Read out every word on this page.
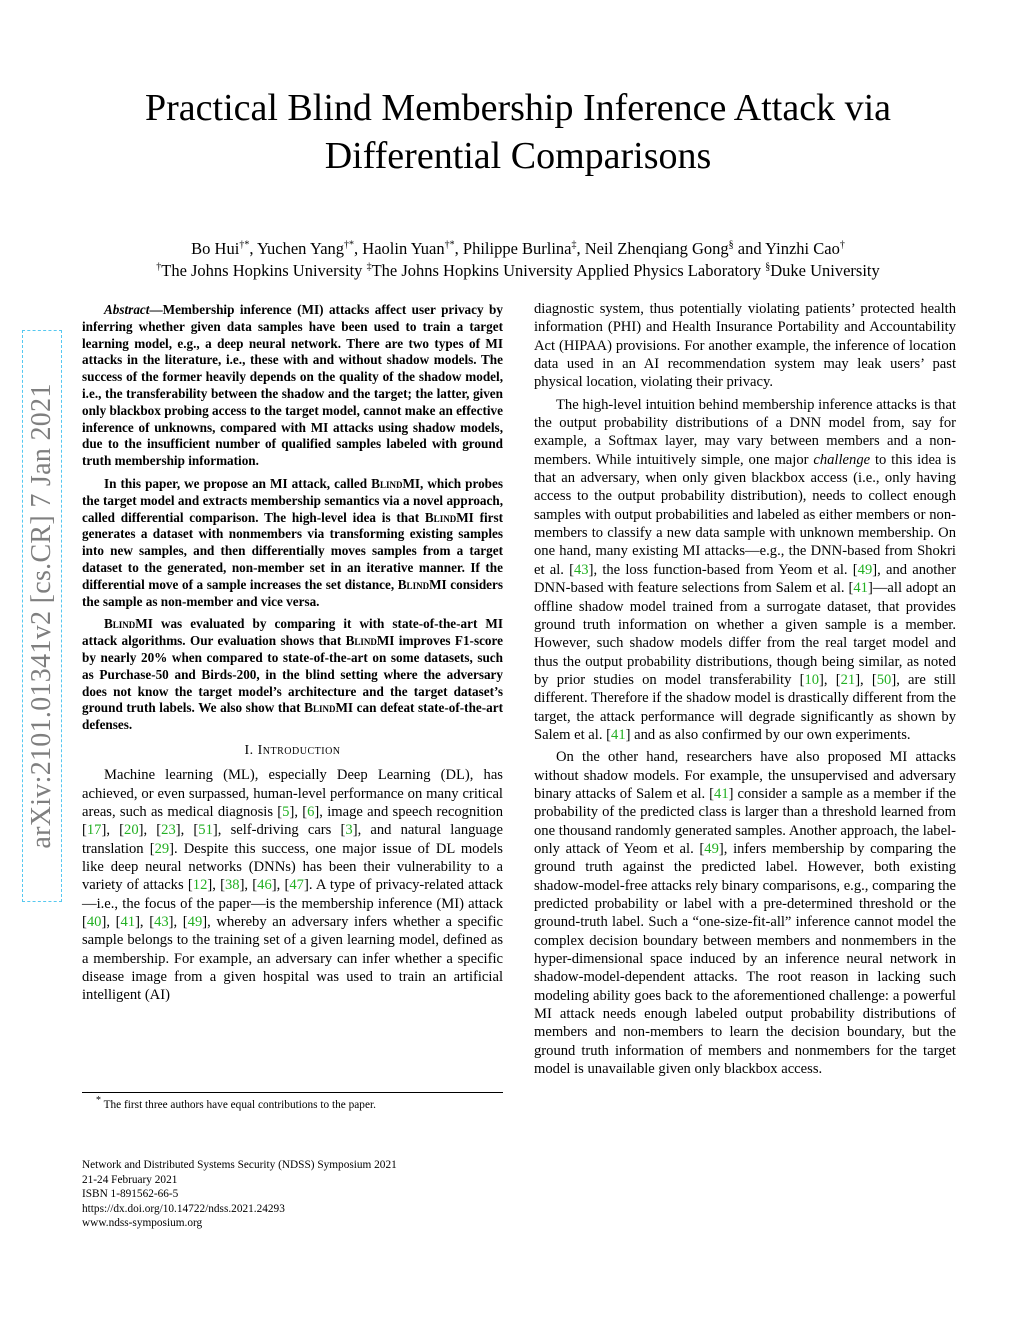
Practical Blind Membership Inference Attack via
Differential Comparisons
Bo Hui†*, Yuchen Yang†*, Haolin Yuan†*, Philippe Burlina‡, Neil Zhenqiang Gong§ and Yinzhi Cao†
†The Johns Hopkins University ‡The Johns Hopkins University Applied Physics Laboratory §Duke University
arXiv:2101.01341v2 [cs.CR] 7 Jan 2021

Abstract—Membership inference (MI) attacks affect user privacy by inferring whether given data samples have been used to train a target learning model, e.g., a deep neural network. There are two types of MI attacks in the literature, i.e., these with and without shadow models. The success of the former heavily depends on the quality of the shadow model, i.e., the transferability between the shadow and the target; the latter, given only blackbox probing access to the target model, cannot make an effective inference of unknowns, compared with MI attacks using shadow models, due to the insufficient number of qualified samples labeled with ground truth membership information.

In this paper, we propose an MI attack, called BlindMI, which probes the target model and extracts membership semantics via a novel approach, called differential comparison. The high-level idea is that BlindMI first generates a dataset with nonmembers via transforming existing samples into new samples, and then differentially moves samples from a target dataset to the generated, non-member set in an iterative manner. If the differential move of a sample increases the set distance, BlindMI considers the sample as non-member and vice versa.

BlindMI was evaluated by comparing it with state-of-the-art MI attack algorithms. Our evaluation shows that BlindMI improves F1-score by nearly 20% when compared to state-of-the-art on some datasets, such as Purchase-50 and Birds-200, in the blind setting where the adversary does not know the target model’s architecture and the target dataset’s ground truth labels. We also show that BlindMI can defeat state-of-the-art defenses.

I. Introduction

Machine learning (ML), especially Deep Learning (DL), has achieved, or even surpassed, human-level performance on many critical areas, such as medical diagnosis [5], [6], image and speech recognition [17], [20], [23], [51], self-driving cars [3], and natural language translation [29]. Despite this success, one major issue of DL models like deep neural networks (DNNs) has been their vulnerability to a variety of attacks [12], [38], [46], [47]. A type of privacy-related attack—i.e., the focus of the paper—is the membership inference (MI) attack [40], [41], [43], [49], whereby an adversary infers whether a specific sample belongs to the training set of a given learning model, defined as a membership. For example, an adversary can infer whether a specific disease image from a given hospital was used to train an artificial intelligent (AI)

* The first three authors have equal contributions to the paper.
Network and Distributed Systems Security (NDSS) Symposium 2021
21-24 February 2021
ISBN 1-891562-66-5
https://dx.doi.org/10.14722/ndss.2021.24293
www.ndss-symposium.org

diagnostic system, thus potentially violating patients’ protected health information (PHI) and Health Insurance Portability and Accountability Act (HIPAA) provisions. For another example, the inference of location data used in an AI recommendation system may leak users’ past physical location, violating their privacy.

The high-level intuition behind membership inference attacks is that the output probability distributions of a DNN model from, say for example, a Softmax layer, may vary between members and a non-members. While intuitively simple, one major challenge to this idea is that an adversary, when only given blackbox access (i.e., only having access to the output probability distribution), needs to collect enough samples with output probabilities and labeled as either members or non-members to classify a new data sample with unknown membership. On one hand, many existing MI attacks—e.g., the DNN-based from Shokri et al. [43], the loss function-based from Yeom et al. [49], and another DNN-based with feature selections from Salem et al. [41]—all adopt an offline shadow model trained from a surrogate dataset, that provides ground truth information on whether a given sample is a member. However, such shadow models differ from the real target model and thus the output probability distributions, though being similar, as noted by prior studies on model transferability [10], [21], [50], are still different. Therefore if the shadow model is drastically different from the target, the attack performance will degrade significantly as shown by Salem et al. [41] and as also confirmed by our own experiments.

On the other hand, researchers have also proposed MI attacks without shadow models. For example, the unsupervised and adversary binary attacks of Salem et al. [41] consider a sample as a member if the probability of the predicted class is larger than a threshold learned from one thousand randomly generated samples. Another approach, the label-only attack of Yeom et al. [49], infers membership by comparing the ground truth against the predicted label. However, both existing shadow-model-free attacks rely binary comparisons, e.g., comparing the predicted probability or label with a pre-determined threshold or the ground-truth label. Such a “one-size-fit-all” inference cannot model the complex decision boundary between members and nonmembers in the hyper-dimensional space induced by an inference neural network in shadow-model-dependent attacks. The root reason in lacking such modeling ability goes back to the aforementioned challenge: a powerful MI attack needs enough labeled output probability distributions of members and non-members to learn the decision boundary, but the ground truth information of members and nonmembers for the target model is unavailable given only blackbox access.
